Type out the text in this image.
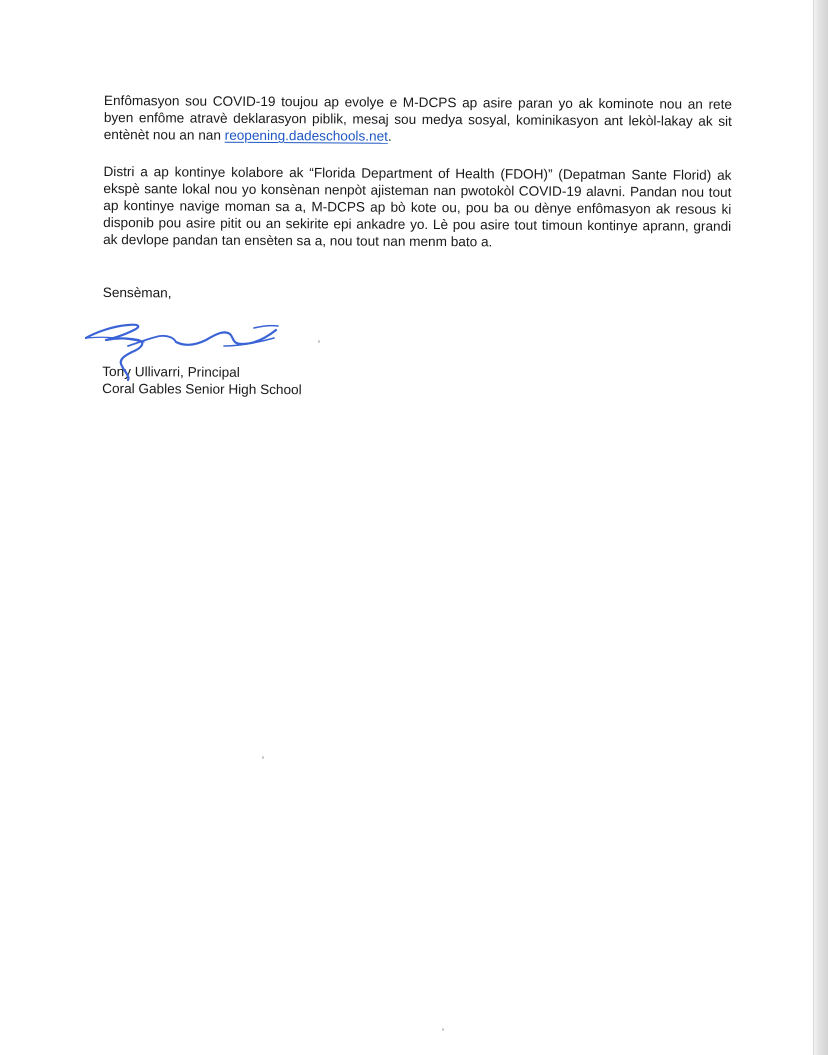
Enfômasyon sou COVID-19 toujou ap evolye e M-DCPS ap asire paran yo ak kominote nou an rete byen enfôme atravè deklarasyon piblik, mesaj sou medya sosyal, kominikasyon ant lekòl-lakay ak sit entènèt nou an nan reopening.dadeschools.net.

Distri a ap kontinye kolabore ak “Florida Department of Health (FDOH)” (Depatman Sante Florid) ak ekspè sante lokal nou yo konsènan nenpòt ajisteman nan pwotokòl COVID-19 alavni. Pandan nou tout ap kontinye navige moman sa a, M-DCPS ap bò kote ou, pou ba ou dènye enfômasyon ak resous ki disponib pou asire pitit ou an sekirite epi ankadre yo. Lè pou asire tout timoun kontinye aprann, grandi ak devlope pandan tan ensèten sa a, nou tout nan menm bato a.

Sensèman,

Tony Ullivarri, Principal
Coral Gables Senior High School
